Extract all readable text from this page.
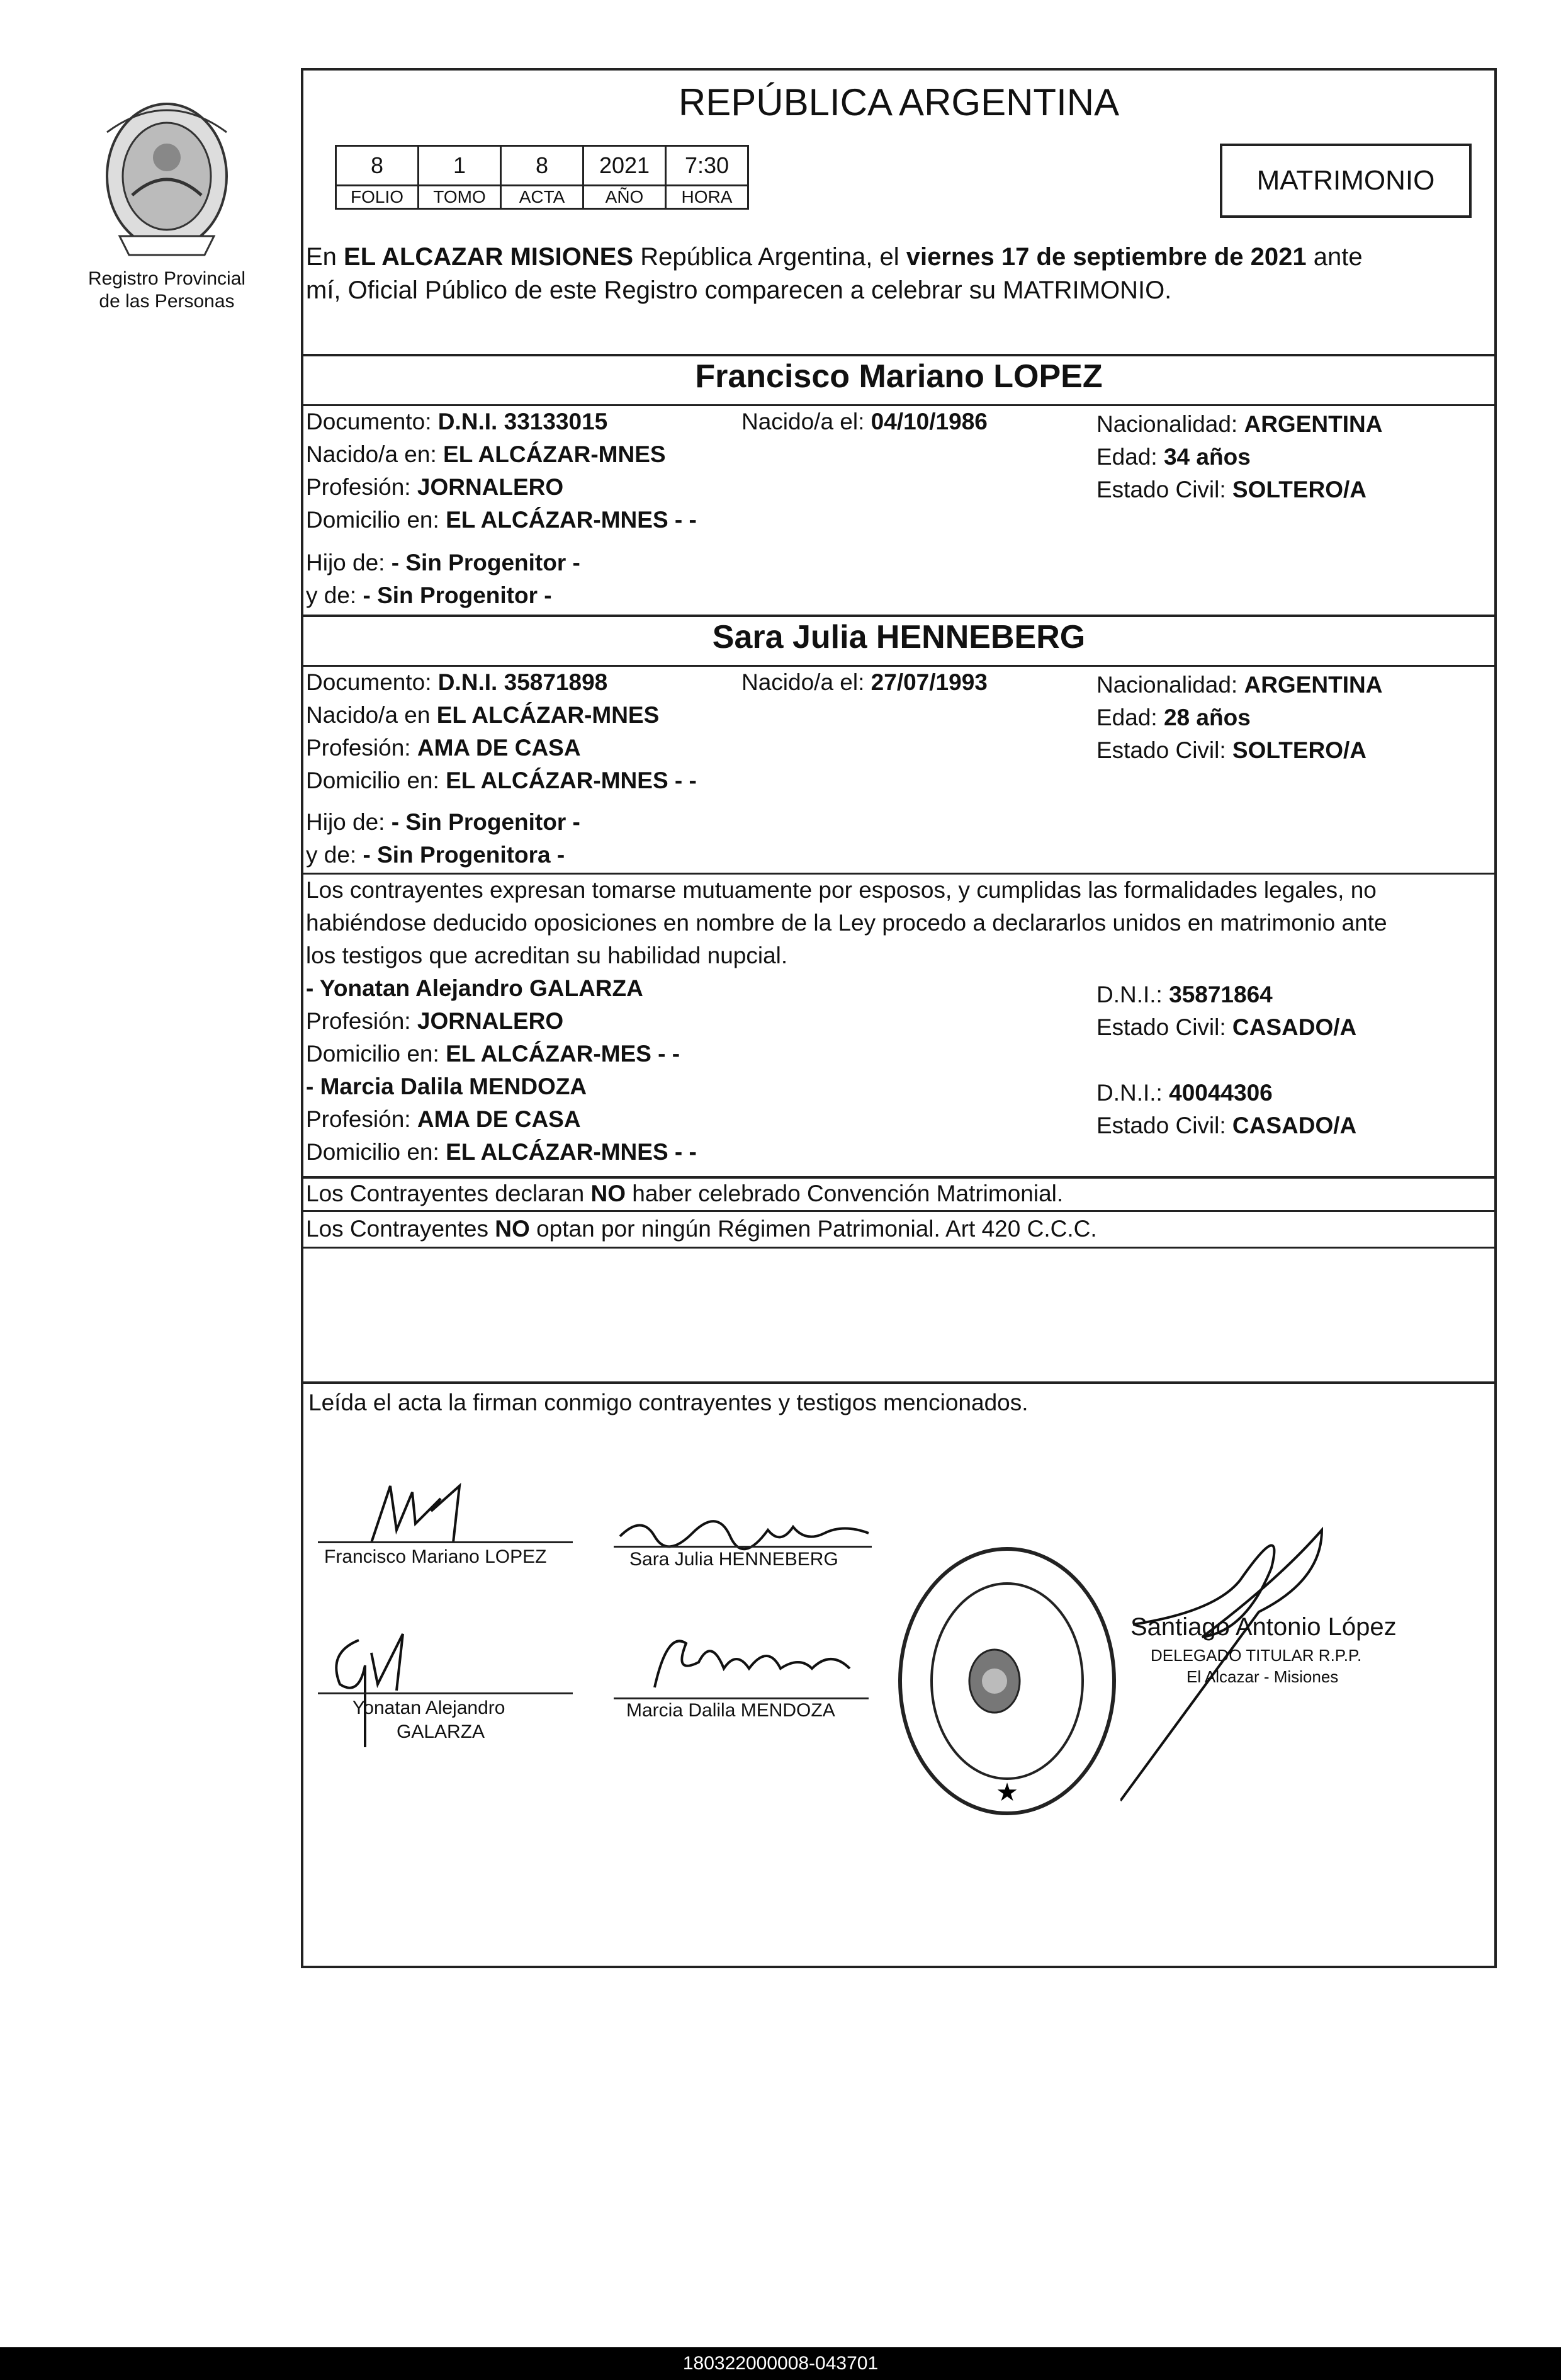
Registro Provincial
de las Personas
REPÚBLICA ARGENTINA
8	1	8	2021	7:30
FOLIO	TOMO	ACTA	AÑO	HORA
MATRIMONIO
En EL ALCAZAR MISIONES República Argentina, el viernes 17 de septiembre de 2021 ante
mí, Oficial Público de este Registro comparecen a celebrar su MATRIMONIO.
Francisco Mariano LOPEZ
Documento: D.N.I. 33133015	Nacido/a el: 04/10/1986	Nacionalidad: ARGENTINA
Nacido/a en: EL ALCÁZAR-MNES	Edad: 34 años
Profesión: JORNALERO	Estado Civil: SOLTERO/A
Domicilio en: EL ALCÁZAR-MNES - -
Hijo de: - Sin Progenitor -
y de: - Sin Progenitor -
Sara Julia HENNEBERG
Documento: D.N.I. 35871898	Nacido/a el: 27/07/1993	Nacionalidad: ARGENTINA
Nacido/a en EL ALCÁZAR-MNES	Edad: 28 años
Profesión: AMA DE CASA	Estado Civil: SOLTERO/A
Domicilio en: EL ALCÁZAR-MNES - -
Hijo de: - Sin Progenitor -
y de: - Sin Progenitora -
Los contrayentes expresan tomarse mutuamente por esposos, y cumplidas las formalidades legales, no
habiéndose deducido oposiciones en nombre de la Ley procedo a declararlos unidos en matrimonio ante
los testigos que acreditan su habilidad nupcial.
- Yonatan Alejandro GALARZA	D.N.I.: 35871864
Profesión: JORNALERO	Estado Civil: CASADO/A
Domicilio en: EL ALCÁZAR-MES - -
- Marcia Dalila MENDOZA	D.N.I.: 40044306
Profesión: AMA DE CASA	Estado Civil: CASADO/A
Domicilio en: EL ALCÁZAR-MNES - -
Los Contrayentes declaran NO haber celebrado Convención Matrimonial.
Los Contrayentes NO optan por ningún Régimen Patrimonial. Art 420 C.C.C.
Leída el acta la firman conmigo contrayentes y testigos mencionados.
Francisco Mariano LOPEZ	Sara Julia HENNEBERG
Yonatan Alejandro
GALARZA
Marcia Dalila MENDOZA
★
Santiago Antonio López
DELEGADO TITULAR R.P.P.
El Alcazar - Misiones
180322000008-043701
